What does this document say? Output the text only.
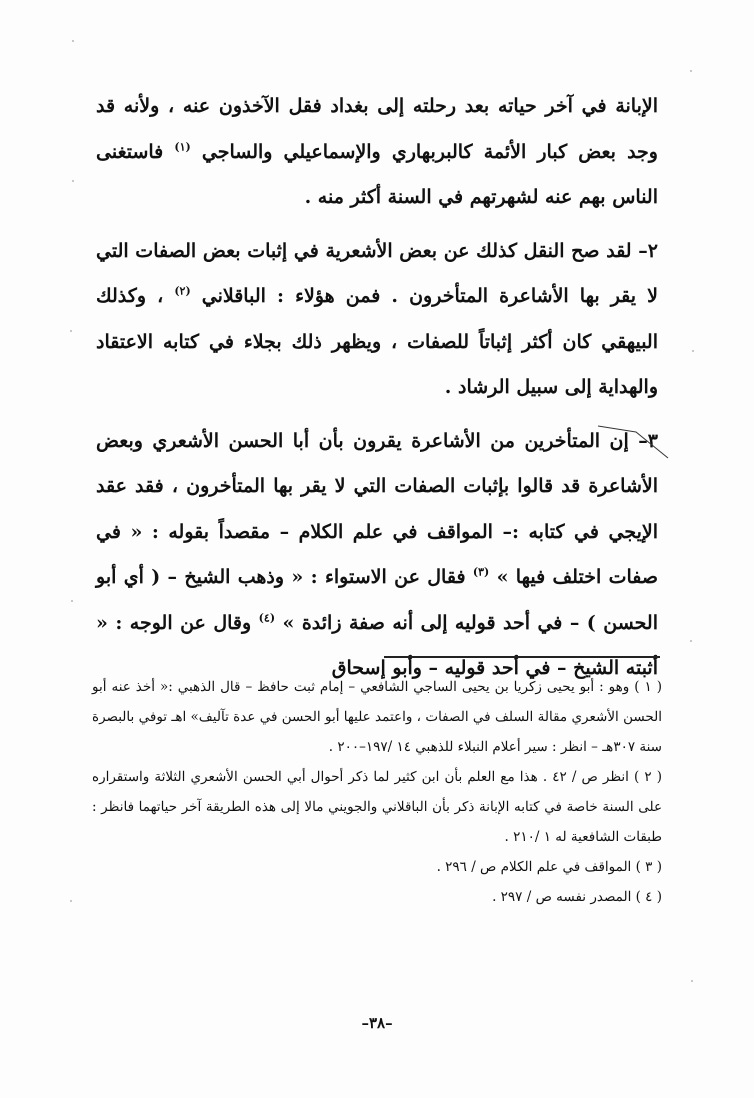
الإبانة في آخر حياته بعد رحلته إلى بغداد فقل الآخذون عنه ، ولأنه قد وجد بعض كبار الأئمة كالبربهاري والإسماعيلي والساجي $^{(١)}$ فاستغنى الناس بهم عنه لشهرتهم في السنة أكثر منه .

٢– لقد صح النقل كذلك عن بعض الأشعرية في إثبات بعض الصفات التي لا يقر بها الأشاعرة المتأخرون . فمن هؤلاء : الباقلاني $^{(٢)}$ ، وكذلك البيهقي كان أكثر إثباتاً للصفات ، ويظهر ذلك بجلاء في كتابه الاعتقاد والهداية إلى سبيل الرشاد .

٣– إن المتأخرين من الأشاعرة يقرون بأن أبا الحسن الأشعري وبعض الأشاعرة قد قالوا بإثبات الصفات التي لا يقر بها المتأخرون ، فقد عقد الإيجي في كتابه :– المواقف في علم الكلام – مقصداً بقوله : « في صفات اختلف فيها » $^{(٣)}$ فقال عن الاستواء : « وذهب الشيخ – ( أي أبو الحسن ) – في أحد قوليه إلى أنه صفة زائدة » $^{(٤)}$ وقال عن الوجه : « أثبته الشيخ – في أحد قوليه – وأبو إسحاق

( ١ ) وهو : أبو يحيى زكريا بن يحيى الساجي الشافعي – إمام ثبت حافظ – قال الذهبي :« أخذ عنه أبو الحسن الأشعري مقالة السلف في الصفات ، واعتمد عليها أبو الحسن في عدة تآليف» اهـ توفي بالبصرة سنة ٣٠٧هـ – انظر : سير أعلام النبلاء للذهبي ١٤ /١٩٧–٢٠٠ .

( ٢ ) انظر ص / ٤٢ . هذا مع العلم بأن ابن كثير لما ذكر أحوال أبي الحسن الأشعري الثلاثة واستقراره على السنة خاصة في كتابه الإبانة ذكر بأن الباقلاني والجويني مالا إلى هذه الطريقة آخر حياتهما فانظر : طبقات الشافعية له ١ /٢١٠ .

( ٣ ) المواقف في علم الكلام ص / ٢٩٦ .

( ٤ ) المصدر نفسه ص / ٢٩٧ .

–٣٨–
